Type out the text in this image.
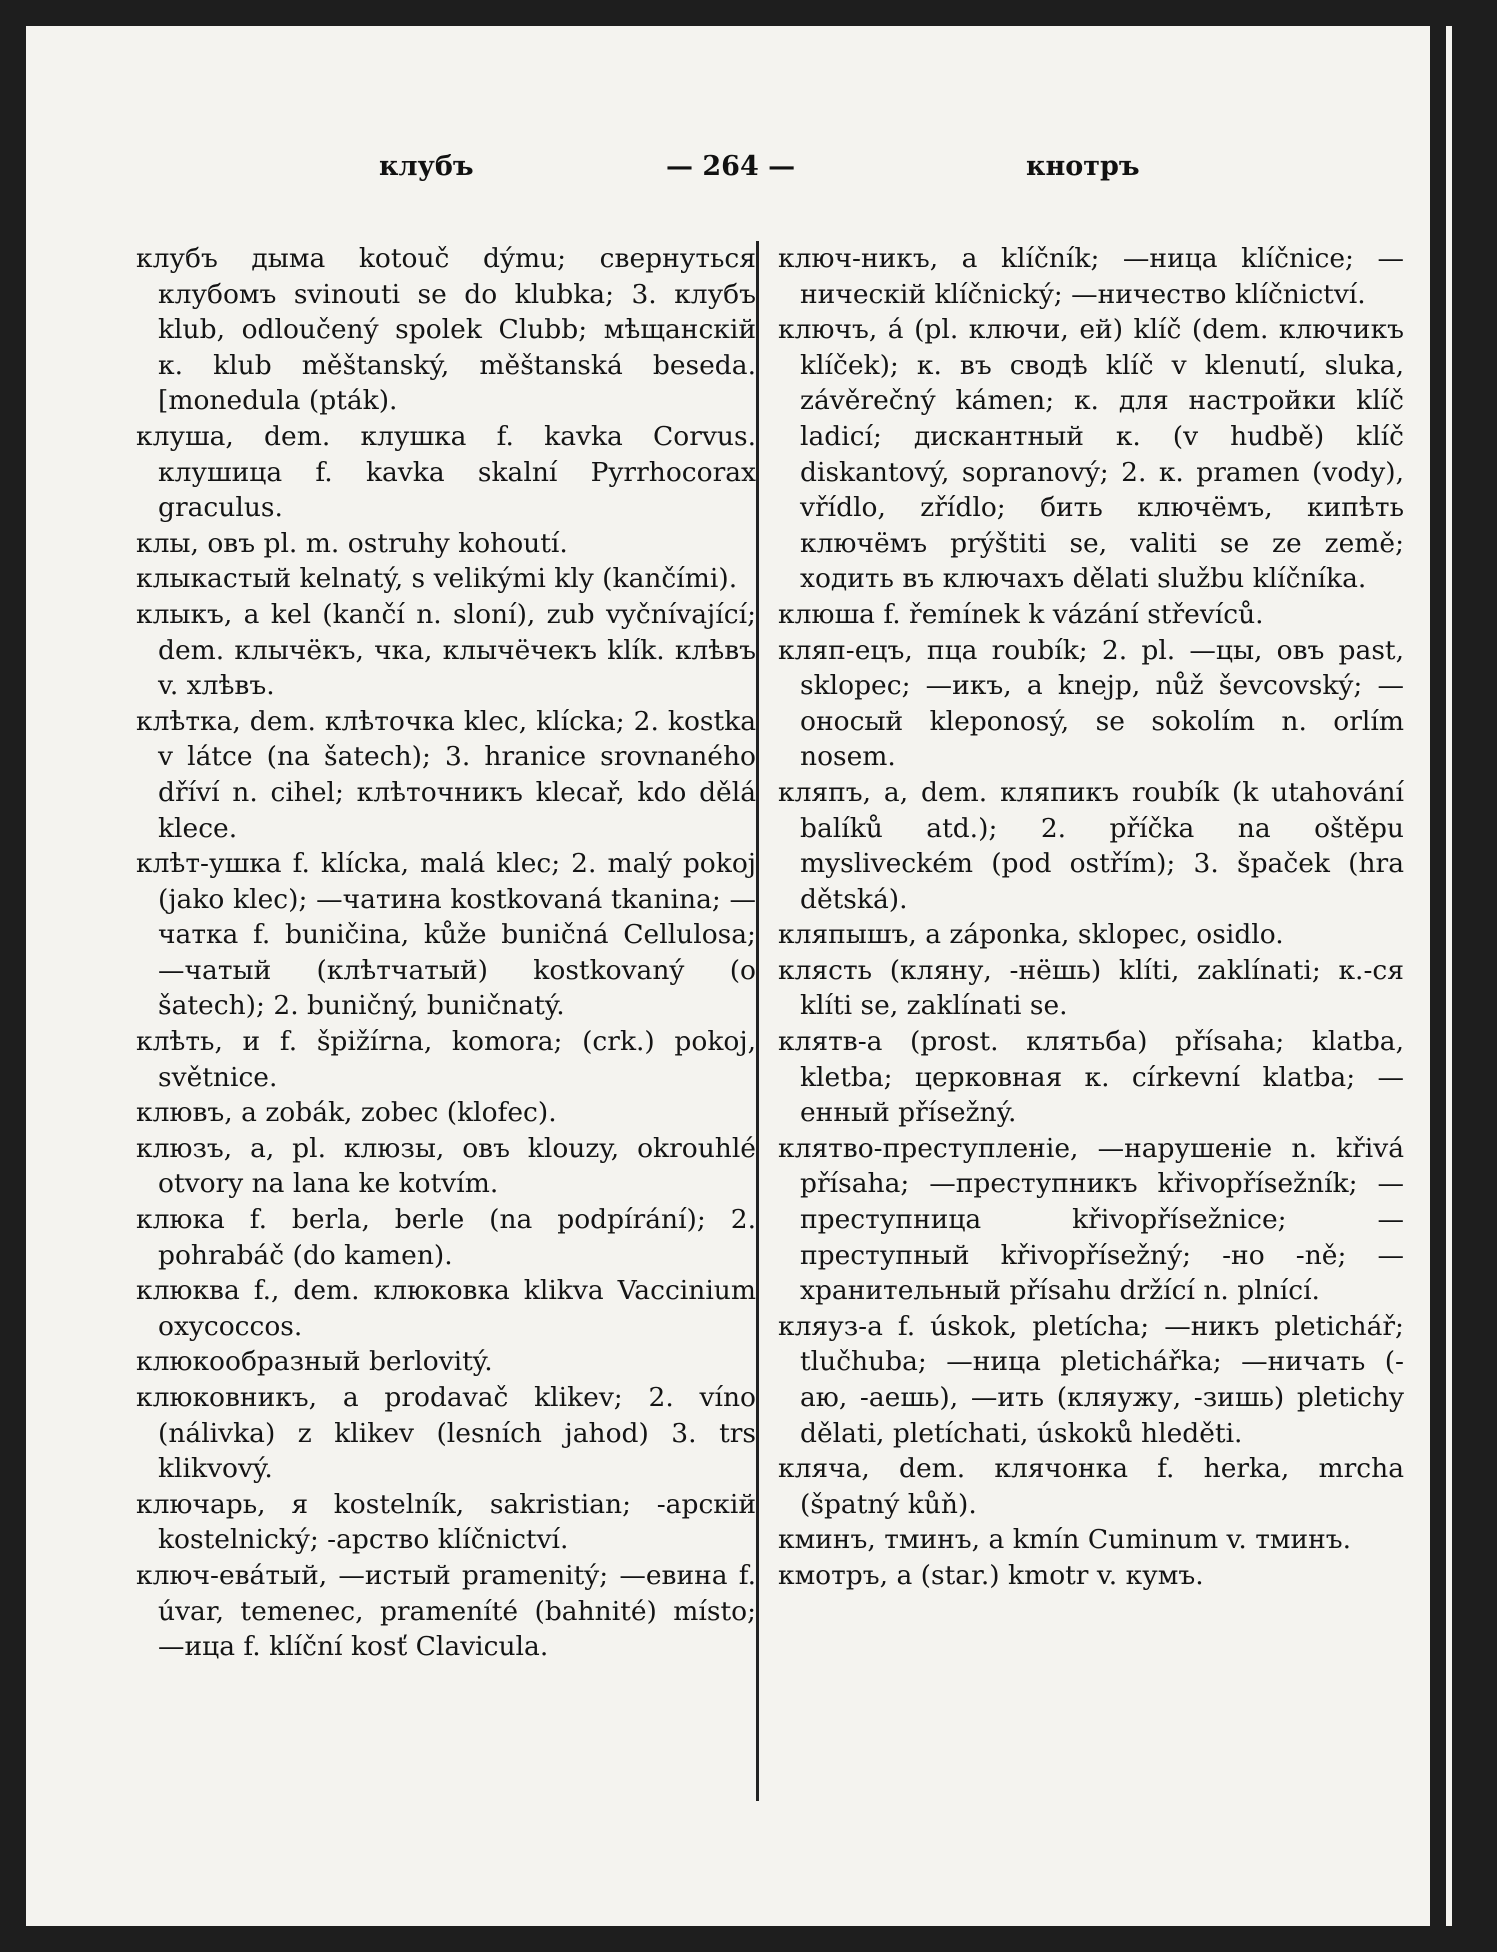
клубъ	— 264 —	кнотръ

клубъ дыма kotouč dýmu; свернуться клубомъ svinouti se do klubka; 3. клубъ klub, odloučený spolek Clubb; мѣщанскій к. klub měštanský, měštanská beseda. [monedula (pták).

клуша, dem. клушка f. kavka Corvus. клушица f. kavka skalní Pyrrhocorax graculus.

клы, овъ pl. m. ostruhy kohoutí.

клыкастый kelnatý, s velikými kly (kančími).

клыкъ, a kel (kančí n. sloní), zub vyčnívající; dem. клычёкъ, чка, клычёчекъ klík. клѣвъ v. хлѣвъ.

клѣтка, dem. клѣточка klec, klícka; 2. kostka v látce (na šatech); 3. hranice srovnaného dříví n. cihel; клѣточникъ klecař, kdo dělá klece.

клѣт-ушка f. klícka, malá klec; 2. malý pokoj (jako klec); —чатина kostkovaná tkanina; —чатка f. buničina, kůže buničná Cellulosa; —чатый (клѣтчатый) kostkovaný (o šatech); 2. buničný, buničnatý.

клѣть, и f. špižírna, komora; (crk.) pokoj, světnice.

клювъ, a zobák, zobec (klofec).

клюзъ, a, pl. клюзы, овъ klouzy, okrouhlé otvory na lana ke kotvím.

клюка f. berla, berle (na podpírání); 2. pohrabáč (do kamen).

клюква f., dem. клюковка klikva Vaccinium oxycoccos.

клюкообразный berlovitý.

клюковникъ, a prodavač klikev; 2. víno (nálivka) z klikev (lesních jahod) 3. trs klikvový.

ключарь, я kostelník, sakristian; -арскій kostelnický; -арство klíčnictví.

ключ-евáтый, —истый pramenitý; —евина f. úvar, temenec, prameníté (bahnité) místo; —ица f. klíční kosť Clavicula.

ключ-никъ, a klíčník; —ница klíčnice; —ническій klíčnický; —ничество klíčnictví.

ключъ, á (pl. ключи, ей) klíč (dem. ключикъ klíček); к. въ сводѣ klíč v klenutí, sluka, závěrečný kámen; к. для настройки klíč ladicí; дискантный к. (v hudbě) klíč diskantový, sopranový; 2. к. pramen (vody), vřídlo, zřídlo; бить ключёмъ, кипѣть ключёмъ prýštiti se, valiti se ze země; ходить въ ключахъ dělati službu klíčníka.

клюша f. řemínek k vázání střevíců.

кляп-ецъ, пца roubík; 2. pl. —цы, овъ past, sklopec; —икъ, а knejp, nůž ševcovský; —оносый kleponosý, se sokolím n. orlím nosem.

кляпъ, a, dem. кляпикъ roubík (k utahování balíků atd.); 2. příčka na oštěpu mysliveckém (pod ostřím); 3. špaček (hra dětská).

кляпышъ, a záponka, sklopec, osidlo.

клясть (кляну, -нёшь) klíti, zaklínati; к.-ся klíti se, zaklínati se.

клятв-а (prost. клятьба) přísaha; klatba, kletba; церковная к. církevní klatba; —енный přísežný.

клятво-преступленіе, —нарушеніе n. křivá přísaha; —преступникъ křivopřísežník; —преступница křivopřísežnice; —преступный křivopřísežný; -но -ně; —хранительный přísahu držící n. plnící.

кляуз-а f. úskok, pletícha; —никъ pletichář; tlučhuba; —ница pletichářka; —ничать (-аю, -аешь), —ить (кляужу, -зишь) pletichy dělati, pletíchati, úskoků hleděti.

кляча, dem. клячонка f. herka, mrcha (špatný kůň).

кминъ, тминъ, a kmín Cuminum v. тминъ.

кмотръ, a (star.) kmotr v. кумъ.
